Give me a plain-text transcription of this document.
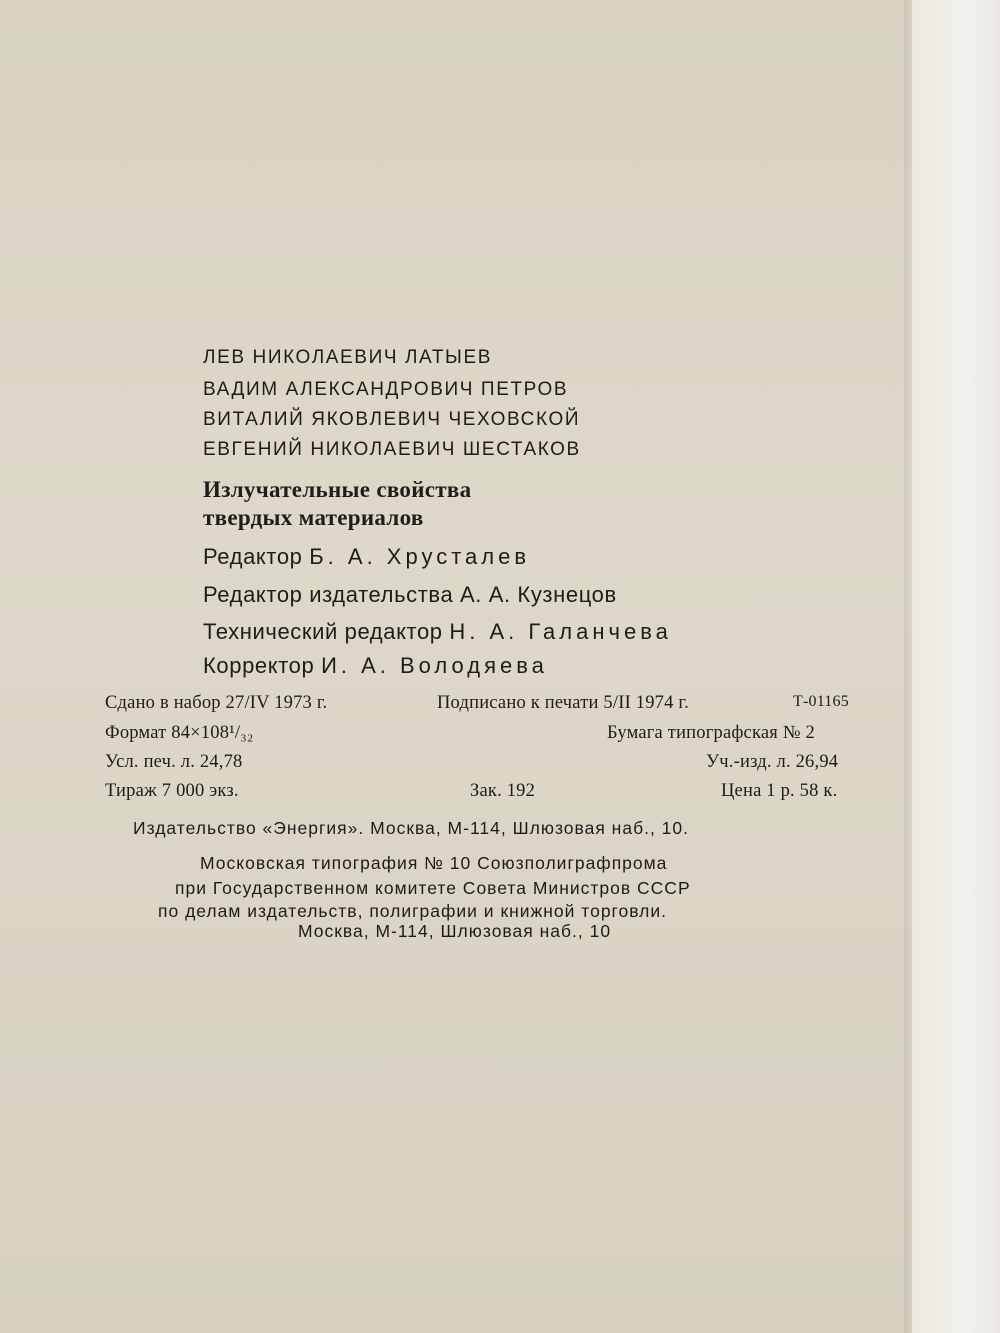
ЛЕВ НИКОЛАЕВИЧ ЛАТЫЕВ
ВАДИМ АЛЕКСАНДРОВИЧ ПЕТРОВ
ВИТАЛИЙ ЯКОВЛЕВИЧ ЧЕХОВСКОЙ
ЕВГЕНИЙ НИКОЛАЕВИЧ ШЕСТАКОВ
Излучательные свойства
твердых материалов
Редактор Б. А. Хрусталев
Редактор издательства А. А. Кузнецов
Технический редактор Н. А. Галанчева
Корректор И. А. Володяева
Сдано в набор 27/IV 1973 г.	Подписано к печати 5/II 1974 г.	Т-01165
Формат 84×108¹/₃₂	Бумага типографская № 2
Усл. печ. л. 24,78	Уч.-изд. л. 26,94
Тираж 7 000 экз.	Зак. 192	Цена 1 р. 58 к.
Издательство «Энергия». Москва, М-114, Шлюзовая наб., 10.
Московская типография № 10 Союзполиграфпрома
при Государственном комитете Совета Министров СССР
по делам издательств, полиграфии и книжной торговли.
Москва, М-114, Шлюзовая наб., 10
